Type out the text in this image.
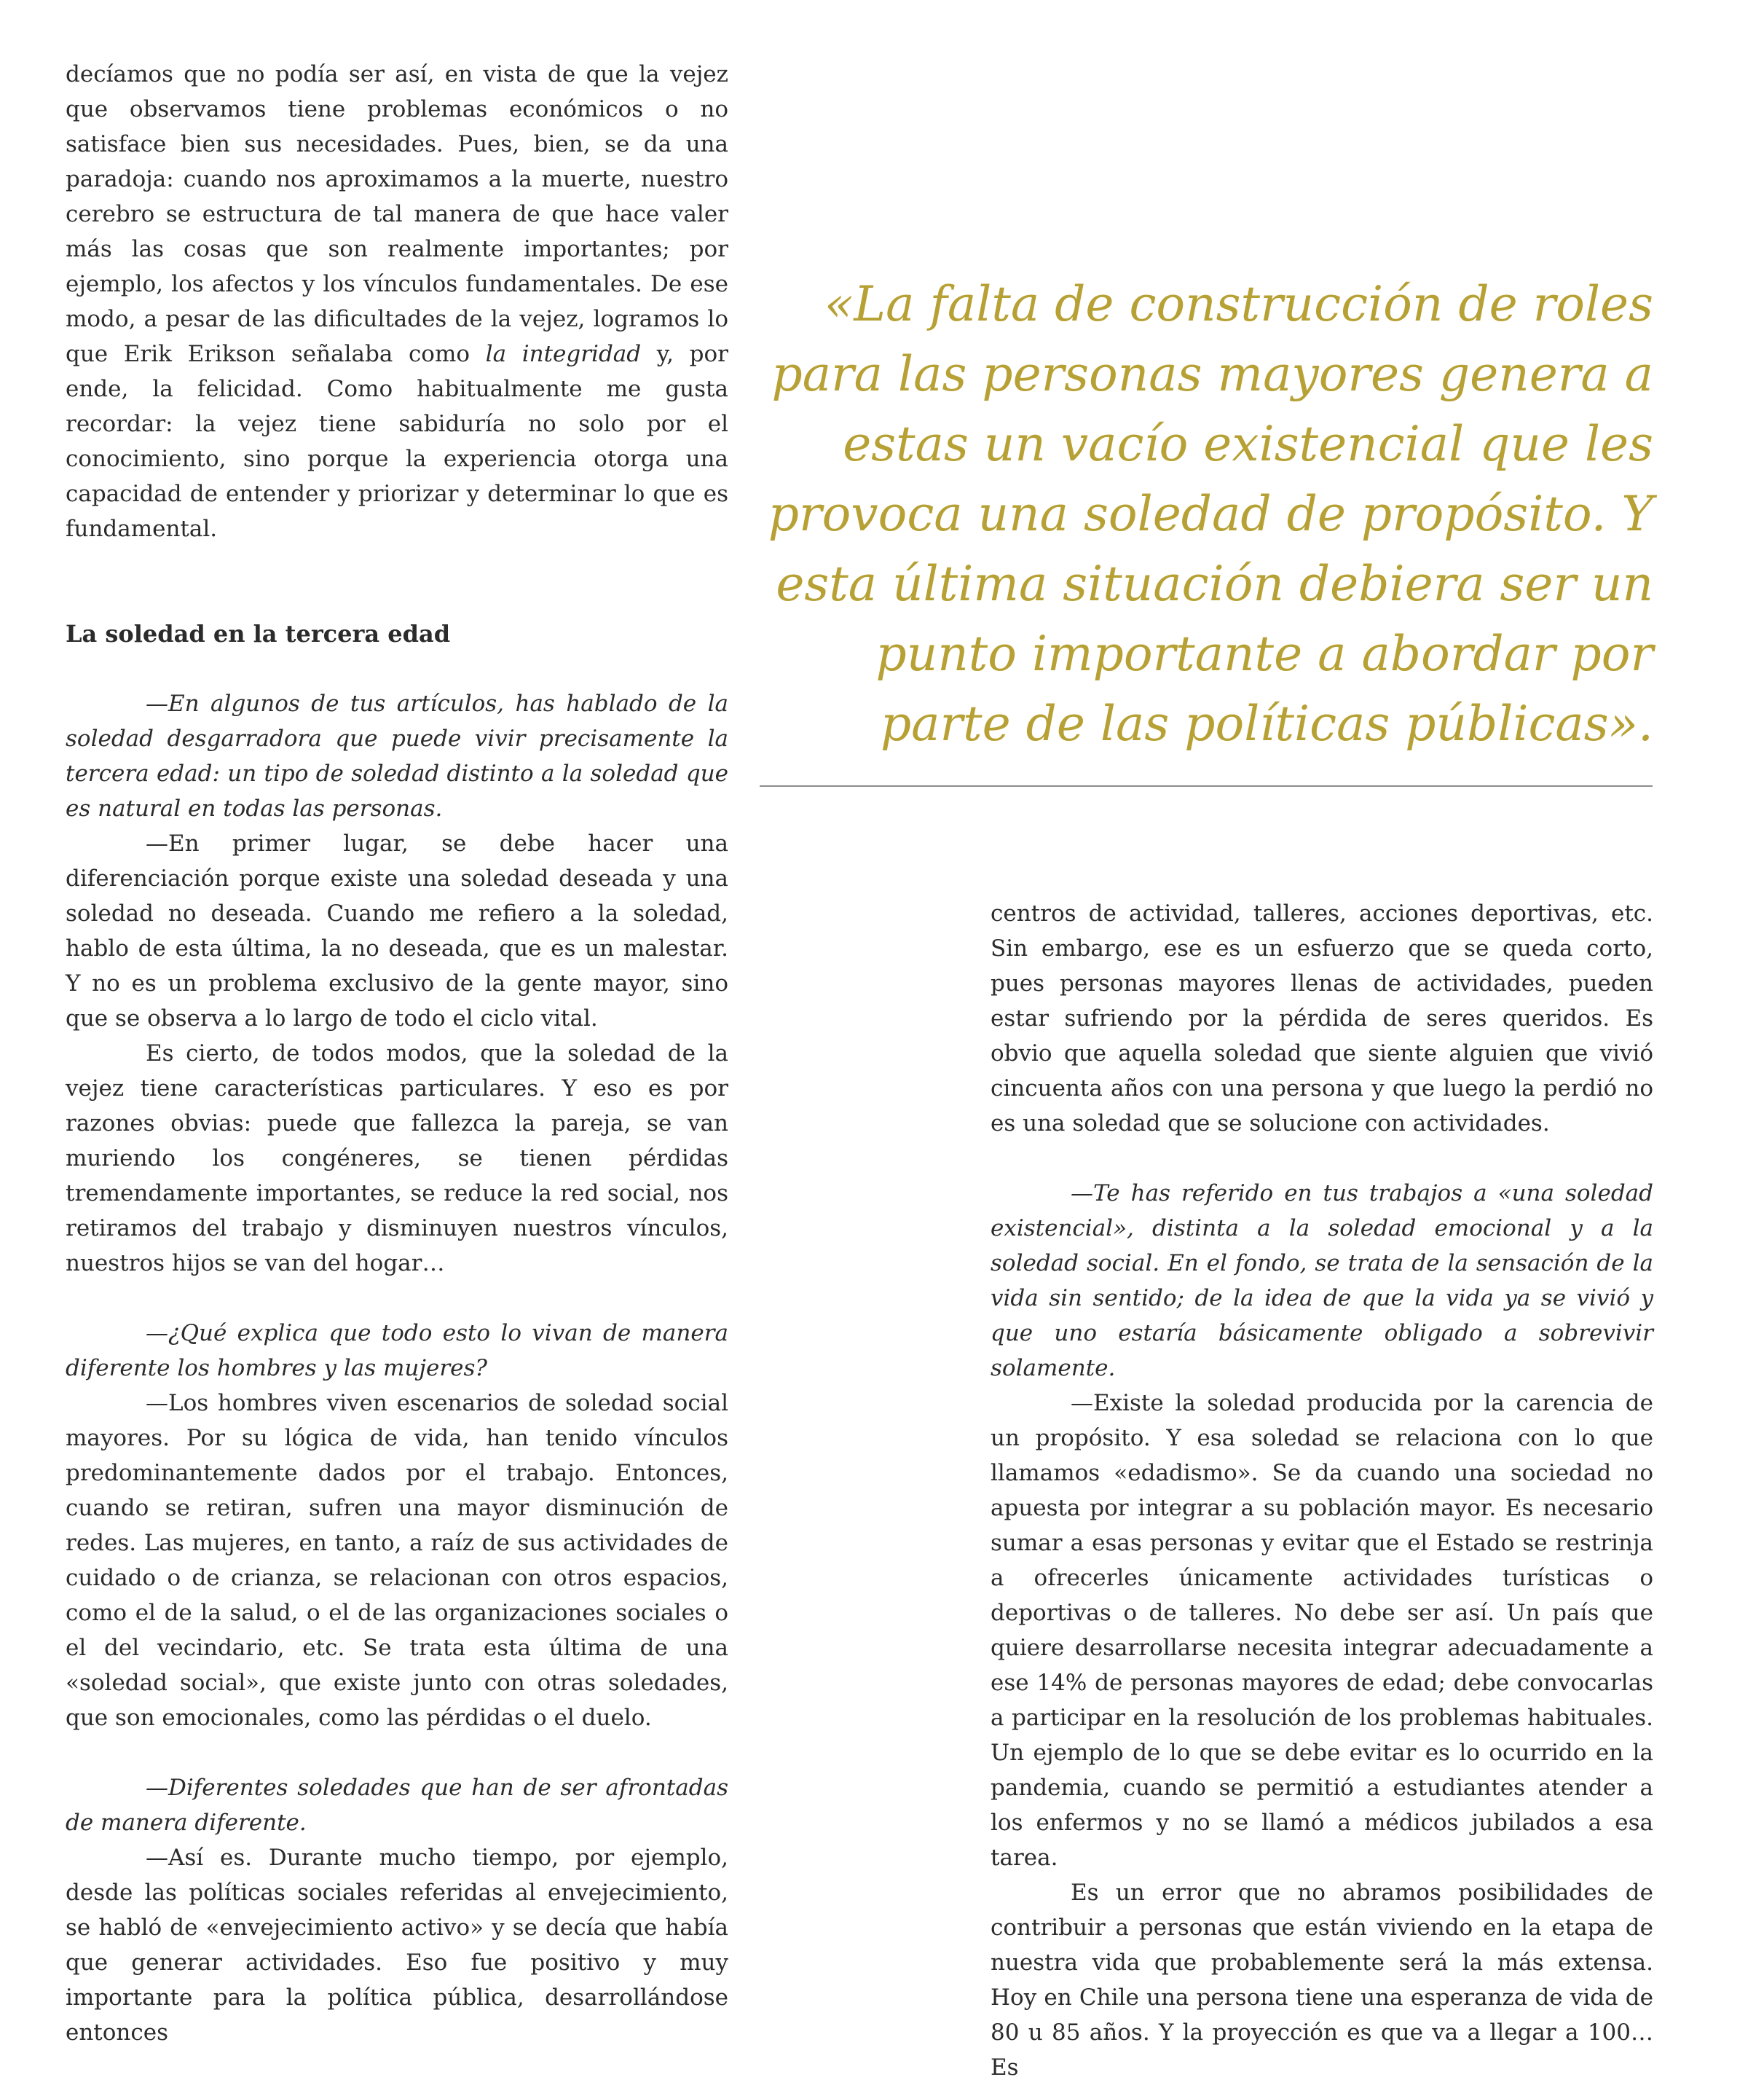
decíamos que no podía ser así, en vista de que la vejez que observamos tiene problemas económicos o no satisface bien sus necesidades. Pues, bien, se da una paradoja: cuando nos aproximamos a la muerte, nuestro cerebro se estructura de tal manera de que hace valer más las cosas que son realmente importantes; por ejemplo, los afectos y los vínculos fundamentales. De ese modo, a pesar de las dificultades de la vejez, logramos lo que Erik Erikson señalaba como la integridad y, por ende, la felicidad. Como habitualmente me gusta recordar: la vejez tiene sabiduría no solo por el conocimiento, sino porque la experiencia otorga una capacidad de entender y priorizar y determinar lo que es fundamental.

La soledad en la tercera edad

—En algunos de tus artículos, has hablado de la soledad desgarradora que puede vivir precisamente la tercera edad: un tipo de soledad distinto a la soledad que es natural en todas las personas.

—En primer lugar, se debe hacer una diferenciación porque existe una soledad deseada y una soledad no deseada. Cuando me refiero a la soledad, hablo de esta última, la no deseada, que es un malestar. Y no es un problema exclusivo de la gente mayor, sino que se observa a lo largo de todo el ciclo vital.

Es cierto, de todos modos, que la soledad de la vejez tiene características particulares. Y eso es por razones obvias: puede que fallezca la pareja, se van muriendo los congéneres, se tienen pérdidas tremendamente importantes, se reduce la red social, nos retiramos del trabajo y disminuyen nuestros vínculos, nuestros hijos se van del hogar…

—¿Qué explica que todo esto lo vivan de manera diferente los hombres y las mujeres?

—Los hombres viven escenarios de soledad social mayores. Por su lógica de vida, han tenido vínculos predominantemente dados por el trabajo. Entonces, cuando se retiran, sufren una mayor disminución de redes. Las mujeres, en tanto, a raíz de sus actividades de cuidado o de crianza, se relacionan con otros espacios, como el de la salud, o el de las organizaciones sociales o el del vecindario, etc. Se trata esta última de una «soledad social», que existe junto con otras soledades, que son emocionales, como las pérdidas o el duelo.

—Diferentes soledades que han de ser afrontadas de manera diferente.

—Así es. Durante mucho tiempo, por ejemplo, desde las políticas sociales referidas al envejecimiento, se habló de «envejecimiento activo» y se decía que había que generar actividades. Eso fue positivo y muy importante para la política pública, desarrollándose entonces

«La falta de construcción de roles para las personas mayores genera a estas un vacío existencial que les provoca una soledad de propósito. Y esta última situación debiera ser un punto importante a abordar por parte de las políticas públicas».

centros de actividad, talleres, acciones deportivas, etc. Sin embargo, ese es un esfuerzo que se queda corto, pues personas mayores llenas de actividades, pueden estar sufriendo por la pérdida de seres queridos. Es obvio que aquella soledad que siente alguien que vivió cincuenta años con una persona y que luego la perdió no es una soledad que se solucione con actividades.

—Te has referido en tus trabajos a «una soledad existencial», distinta a la soledad emocional y a la soledad social. En el fondo, se trata de la sensación de la vida sin sentido; de la idea de que la vida ya se vivió y que uno estaría básicamente obligado a sobrevivir solamente.

—Existe la soledad producida por la carencia de un propósito. Y esa soledad se relaciona con lo que llamamos «edadismo». Se da cuando una sociedad no apuesta por integrar a su población mayor. Es necesario sumar a esas personas y evitar que el Estado se restrinja a ofrecerles únicamente actividades turísticas o deportivas o de talleres. No debe ser así. Un país que quiere desarrollarse necesita integrar adecuadamente a ese 14% de personas mayores de edad; debe convocarlas a participar en la resolución de los problemas habituales. Un ejemplo de lo que se debe evitar es lo ocurrido en la pandemia, cuando se permitió a estudiantes atender a los enfermos y no se llamó a médicos jubilados a esa tarea.

Es un error que no abramos posibilidades de contribuir a personas que están viviendo en la etapa de nuestra vida que probablemente será la más extensa. Hoy en Chile una persona tiene una esperanza de vida de 80 u 85 años. Y la proyección es que va a llegar a 100… Es
